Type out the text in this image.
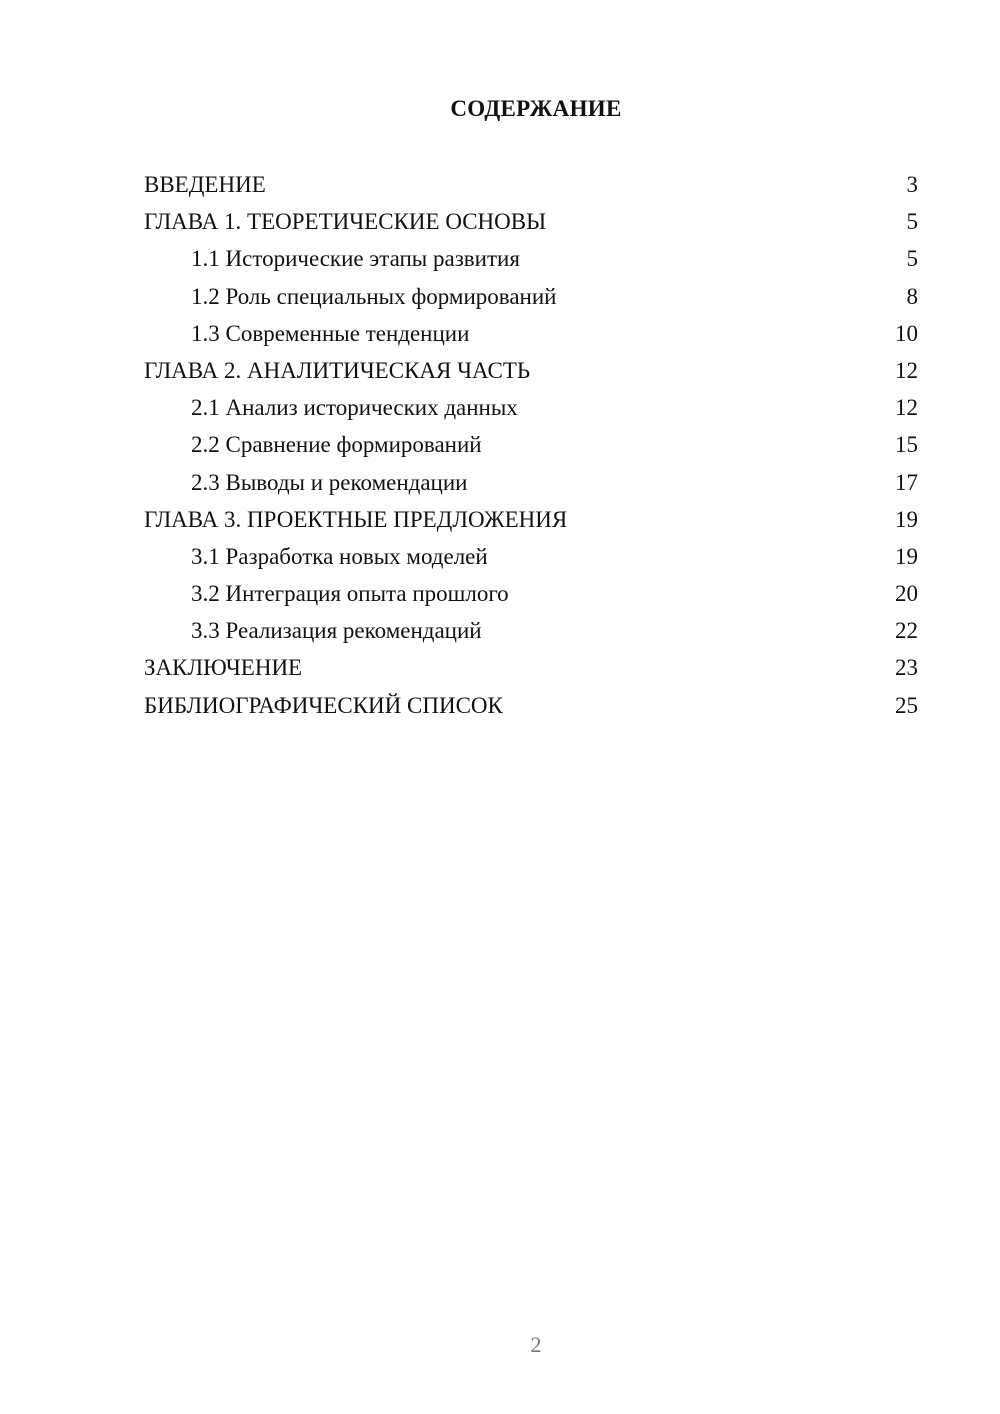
СОДЕРЖАНИЕ
ВВЕДЕНИЕ	3
ГЛАВА 1. ТЕОРЕТИЧЕСКИЕ ОСНОВЫ	5
1.1 Исторические этапы развития	5
1.2 Роль специальных формирований	8
1.3 Современные тенденции	10
ГЛАВА 2. АНАЛИТИЧЕСКАЯ ЧАСТЬ	12
2.1 Анализ исторических данных	12
2.2 Сравнение формирований	15
2.3 Выводы и рекомендации	17
ГЛАВА 3. ПРОЕКТНЫЕ ПРЕДЛОЖЕНИЯ	19
3.1 Разработка новых моделей	19
3.2 Интеграция опыта прошлого	20
3.3 Реализация рекомендаций	22
ЗАКЛЮЧЕНИЕ	23
БИБЛИОГРАФИЧЕСКИЙ СПИСОК	25
2
